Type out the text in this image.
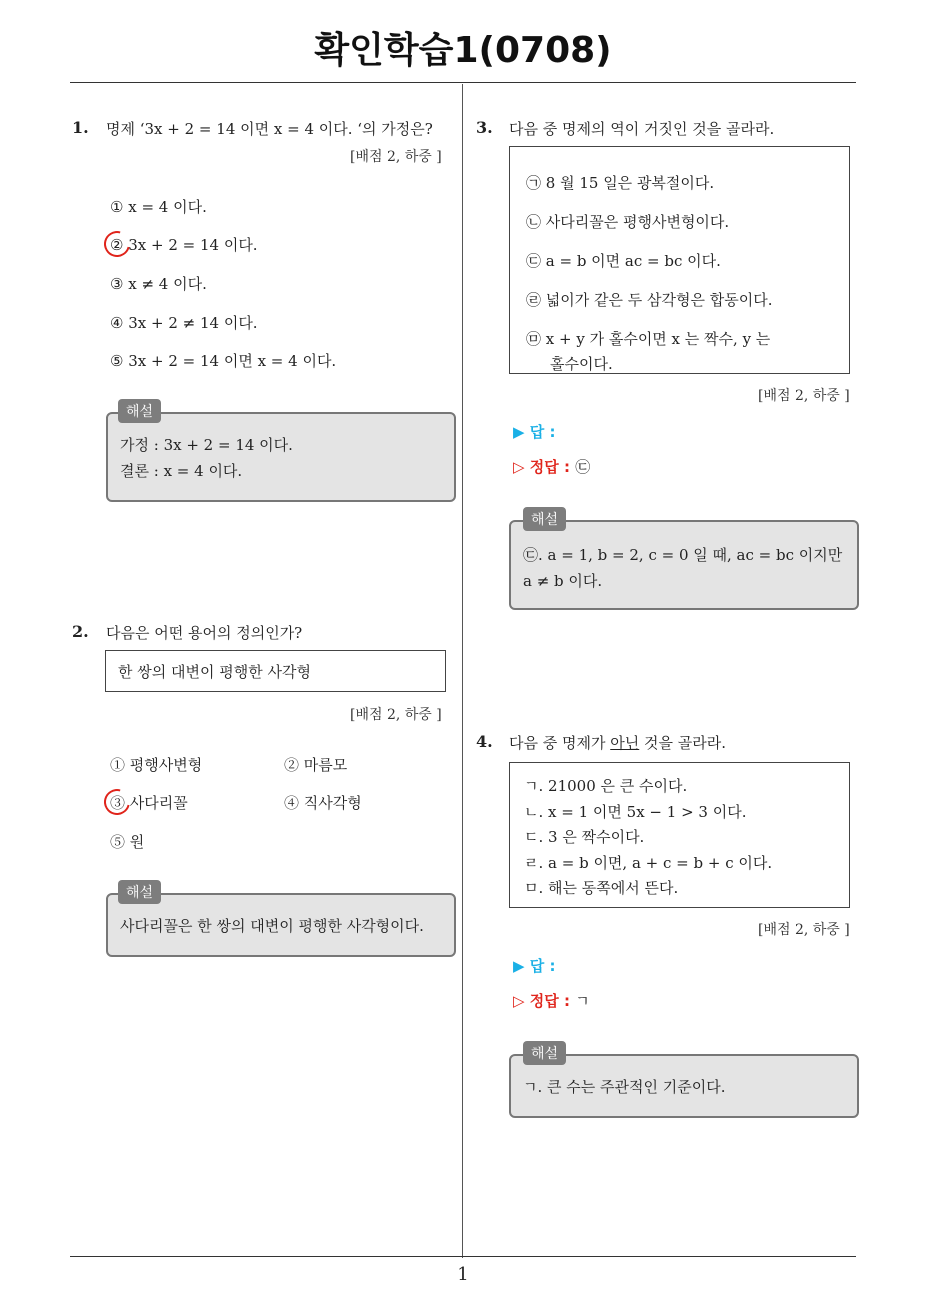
확인학습1(0708)
1
1. 명제 ‘3x + 2 = 14 이면 x = 4 이다. ‘의 가정은?
[배점 2, 하중 ]
① x = 4 이다.
② 3x + 2 = 14 이다.
③ x ≠ 4 이다.
④ 3x + 2 ≠ 14 이다.
⑤ 3x + 2 = 14 이면 x = 4 이다.
가정 : 3x + 2 = 14 이다.
결론 : x = 4 이다.
해설
2. 다음은 어떤 용어의 정의인가?
한 쌍의 대변이 평행한 사각형
[배점 2, 하중 ]
① 평행사변형	② 마름모
③ 사다리꼴	④ 직사각형
⑤ 원
사다리꼴은 한 쌍의 대변이 평행한 사각형이다.
해설
3. 다음 중 명제의 역이 거짓인 것을 골라라.
㉠ 8 월 15 일은 광복절이다.
㉡ 사다리꼴은 평행사변형이다.
㉢ a = b 이면 ac = bc 이다.
㉣ 넓이가 같은 두 삼각형은 합동이다.
㉤ x + y 가 홀수이면 x 는 짝수, y 는
홀수이다.
[배점 2, 하중 ]
▶ 답 :
▷ 정답 : ㉢
㉢. a = 1, b = 2, c = 0 일 때, ac = bc 이지만
a ≠ b 이다.
해설
4. 다음 중 명제가 아닌 것을 골라라.
ㄱ. 21000 은 큰 수이다.
ㄴ. x = 1 이면 5x − 1 > 3 이다.
ㄷ. 3 은 짝수이다.
ㄹ. a = b 이면, a + c = b + c 이다.
ㅁ. 해는 동쪽에서 뜬다.
[배점 2, 하중 ]
▶ 답 :
▷ 정답 : ㄱ
ㄱ. 큰 수는 주관적인 기준이다.
해설
